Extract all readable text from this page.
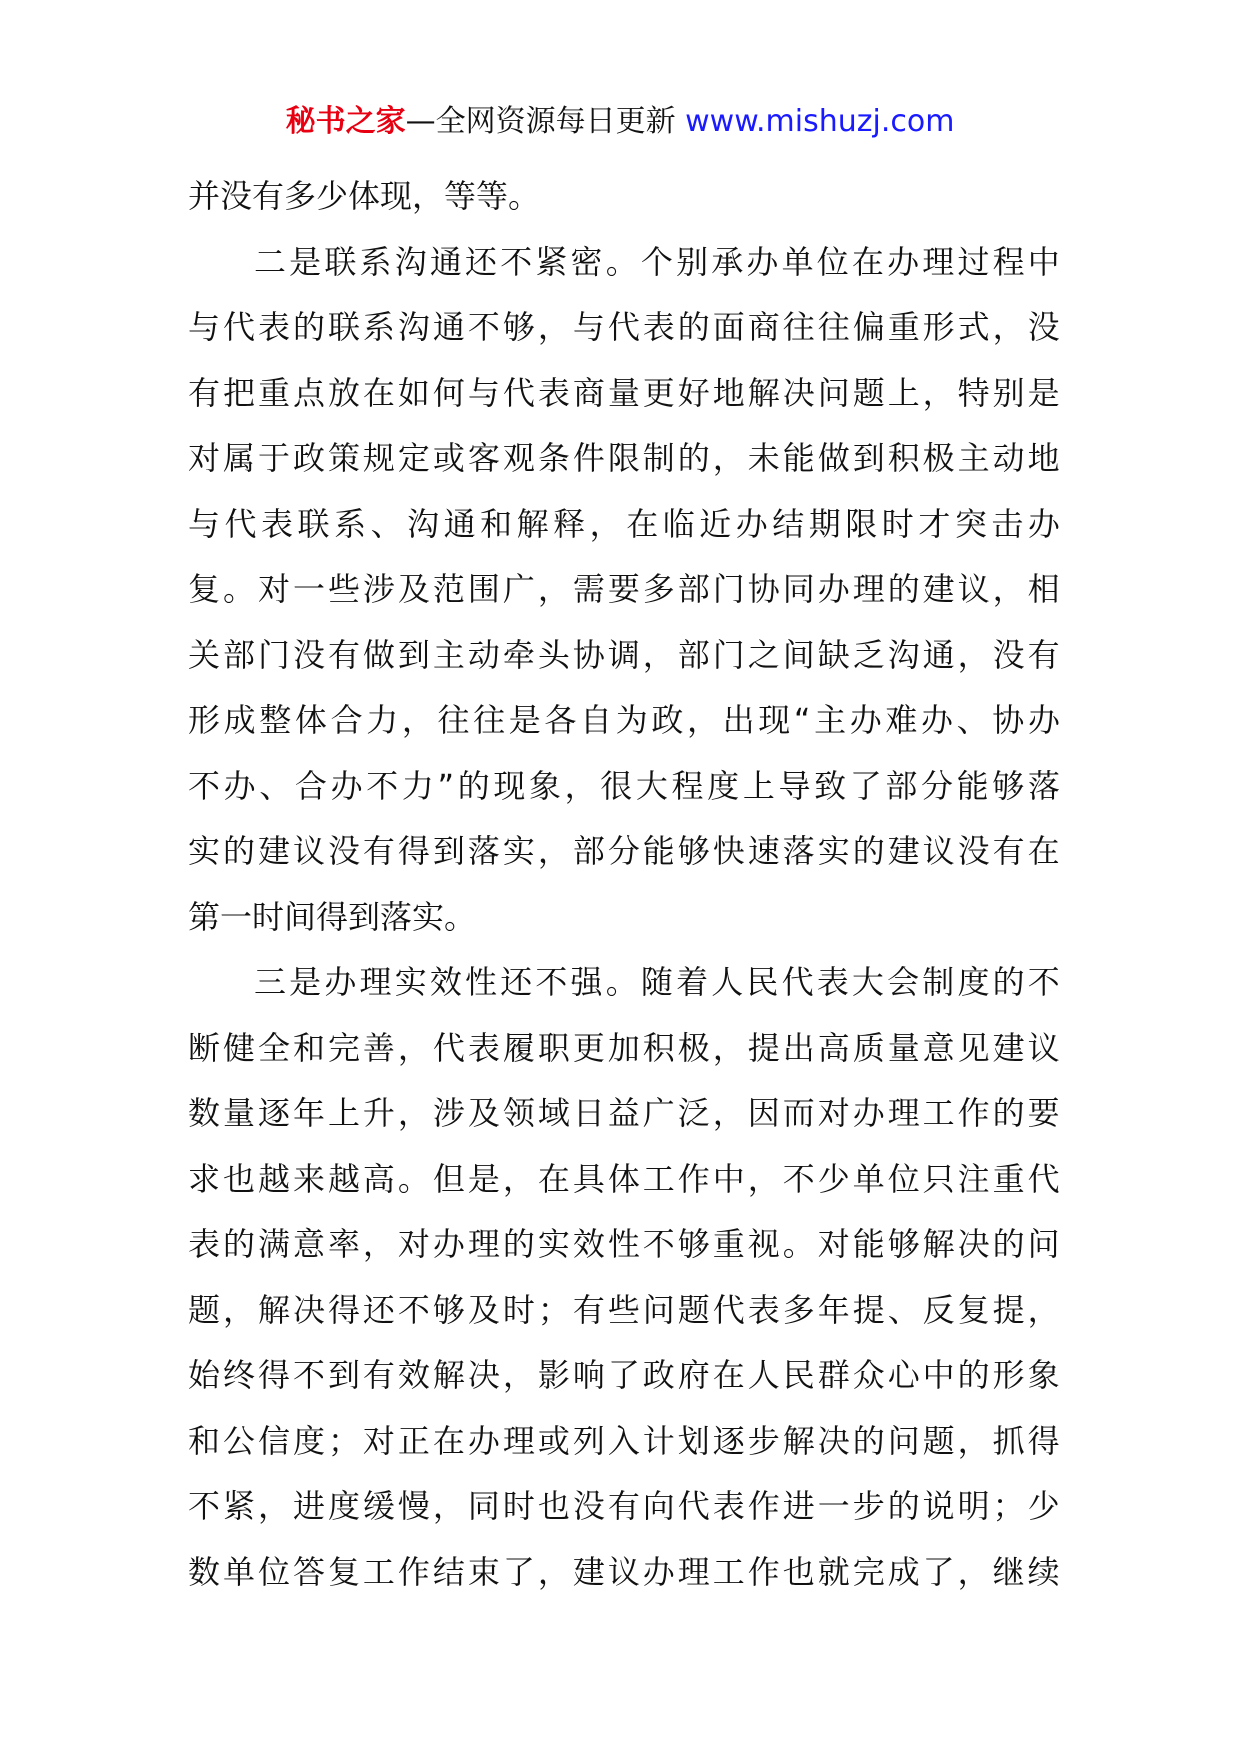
秘书之家—全网资源每日更新 www.mishuzj.com
并没有多少体现，等等。
二 是 联 系 沟 通 还 不 紧 密 。 个 别 承 办 单 位 在 办 理 过 程 中
与 代 表 的 联 系 沟 通 不 够 ， 与 代 表 的 面 商 往 往 偏 重 形 式 ， 没
有 把 重 点 放 在 如 何 与 代 表 商 量 更 好 地 解 决 问 题 上 ， 特 别 是
对 属 于 政 策 规 定 或 客 观 条 件 限 制 的 ， 未 能 做 到 积 极 主 动 地
与 代 表 联 系 、 沟 通 和 解 释 ， 在 临 近 办 结 期 限 时 才 突 击 办
复 。 对 一 些 涉 及 范 围 广 ， 需 要 多 部 门 协 同 办 理 的 建 议 ， 相
关 部 门 没 有 做 到 主 动 牵 头 协 调 ， 部 门 之 间 缺 乏 沟 通 ， 没 有
形 成 整 体 合 力 ， 往 往 是 各 自 为 政 ， 出 现 “ 主 办 难 办 、 协 办
不 办 、 合 办 不 力 ” 的 现 象 ， 很 大 程 度 上 导 致 了 部 分 能 够 落
实 的 建 议 没 有 得 到 落 实 ， 部 分 能 够 快 速 落 实 的 建 议 没 有 在
第一时间得到落实。
三 是 办 理 实 效 性 还 不 强 。 随 着 人 民 代 表 大 会 制 度 的 不
断 健 全 和 完 善 ， 代 表 履 职 更 加 积 极 ， 提 出 高 质 量 意 见 建 议
数 量 逐 年 上 升 ， 涉 及 领 域 日 益 广 泛 ， 因 而 对 办 理 工 作 的 要
求 也 越 来 越 高 。 但 是 ， 在 具 体 工 作 中 ， 不 少 单 位 只 注 重 代
表 的 满 意 率 ， 对 办 理 的 实 效 性 不 够 重 视 。 对 能 够 解 决 的 问
题 ， 解 决 得 还 不 够 及 时 ； 有 些 问 题 代 表 多 年 提 、 反 复 提 ，
始 终 得 不 到 有 效 解 决 ， 影 响 了 政 府 在 人 民 群 众 心 中 的 形 象
和 公 信 度 ； 对 正 在 办 理 或 列 入 计 划 逐 步 解 决 的 问 题 ， 抓 得
不 紧 ， 进 度 缓 慢 ， 同 时 也 没 有 向 代 表 作 进 一 步 的 说 明 ； 少
数 单 位 答 复 工 作 结 束 了 ， 建 议 办 理 工 作 也 就 完 成 了 ， 继 续
